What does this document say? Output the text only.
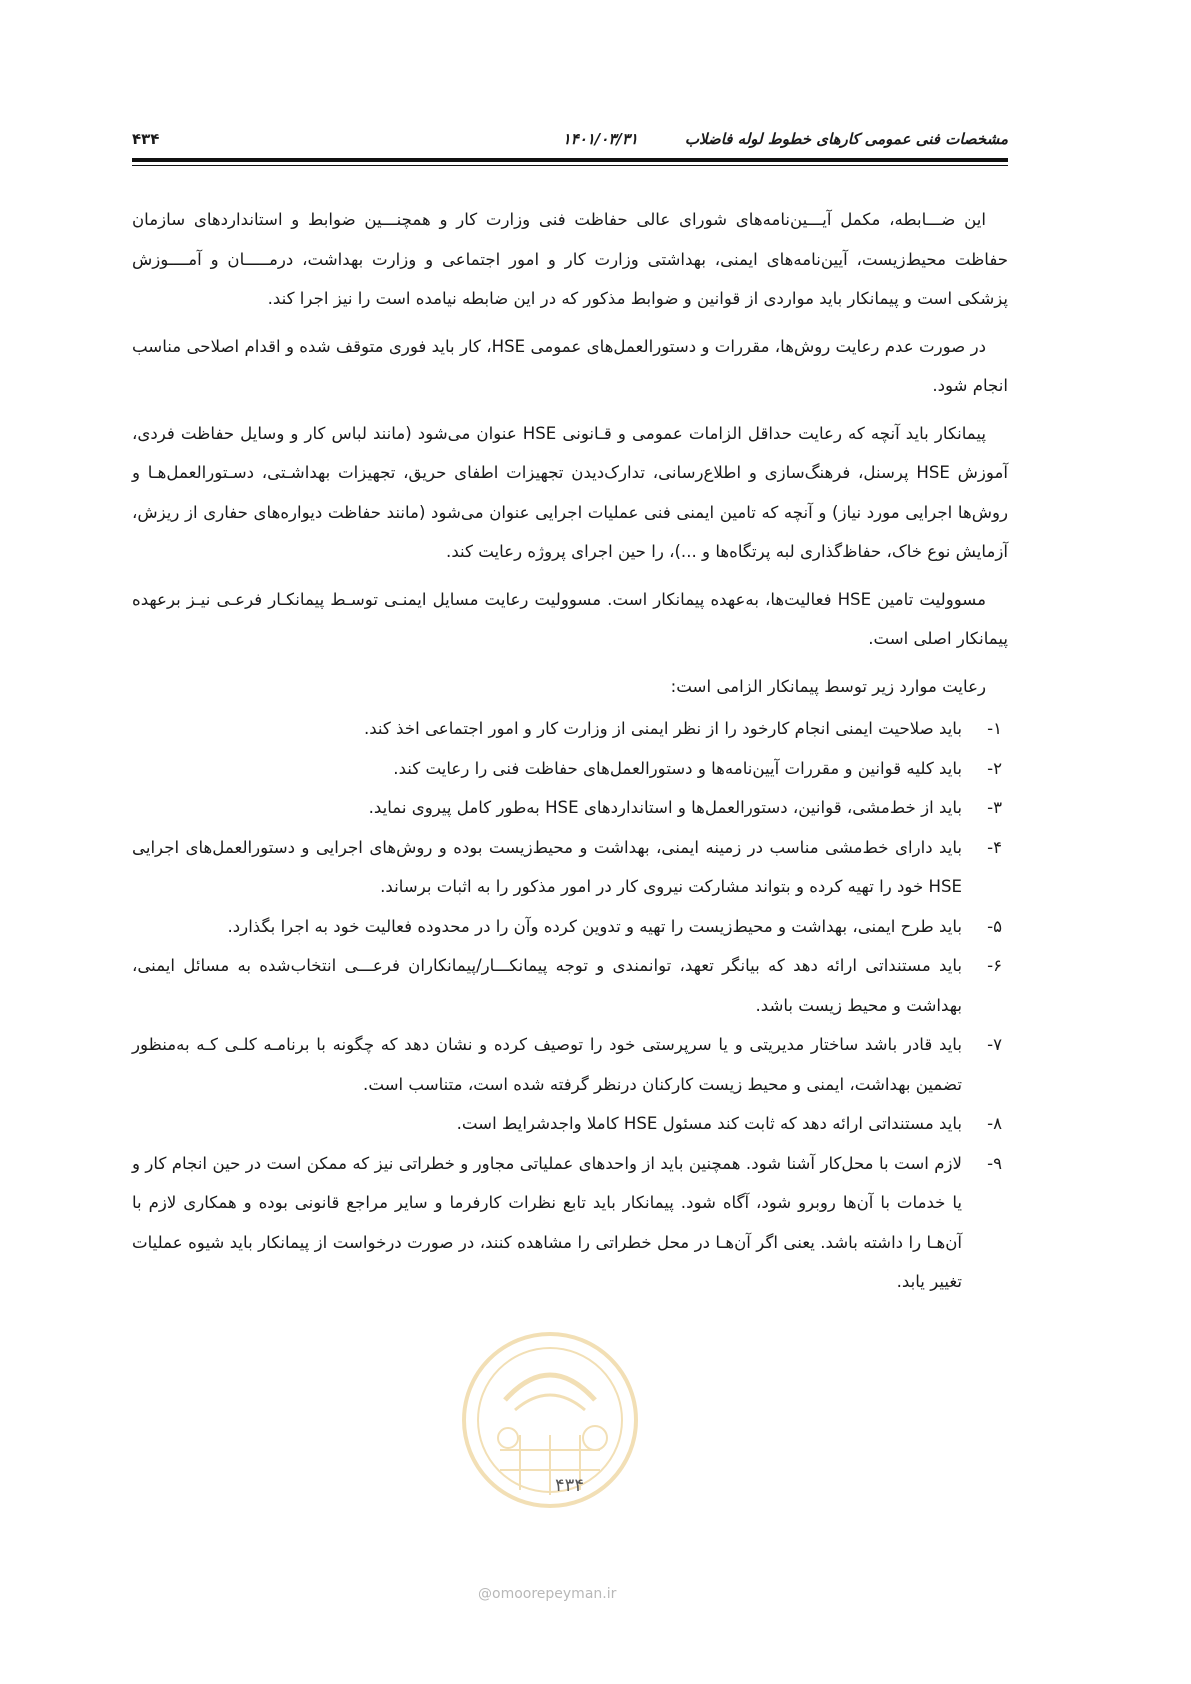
مشخصات فنی عمومی کارهای خطوط لوله فاضلاب
۱۴۰۱/۰۳/۳۱
۴۳۴

این ضـــابطه، مکمل آیـــین‌نامه‌های شورای عالی حفاظت فنی وزارت کار و همچنـــین ضوابط و استانداردهای سازمان حفاظت محیط‌زیست، آیین‌نامه‌های ایمنی، بهداشتی وزارت کار و امور اجتماعی و وزارت بهداشت، درمـــــان و آمــــوزش پزشکی است و پیمانکار باید مواردی از قوانین و ضوابط مذکور که در این ضابطه نیامده است را نیز اجرا کند.

در صورت عدم رعایت روش‌ها، مقررات و دستورالعمل‌های عمومی HSE، کار باید فوری متوقف شده و اقدام اصلاحی مناسب انجام شود.

پیمانکار باید آنچه که رعایت حداقل الزامات عمومی و قـانونی HSE عنوان می‌شود (مانند لباس کار و وسایل حفاظت فردی، آموزش HSE پرسنل، فرهنگ‌سازی و اطلاع‌رسانی، تدارک‌دیدن تجهیزات اطفای حریق، تجهیزات بهداشـتی، دسـتورالعمل‌هـا و روش‌ها اجرایی مورد نیاز) و آنچه که تامین ایمنی فنی عملیات اجرایی عنوان می‌شود (مانند حفاظت دیواره‌های حفاری از ریزش، آزمایش نوع خاک، حفاظ‌گذاری لبه پرتگاه‌ها و ...)، را حین اجرای پروژه رعایت کند.

مسوولیت تامین HSE فعالیت‌ها، به‌عهده پیمانکار است. مسوولیت رعایت مسایل ایمنـی توسـط پیمانکـار فرعـی نیـز برعهده پیمانکار اصلی است.

رعایت موارد زیر توسط پیمانکار الزامی است:

۱-
باید صلاحیت ایمنی انجام کارخود را از نظر ایمنی از وزارت کار و امور اجتماعی اخذ کند.
۲-
باید کلیه قوانین و مقررات آیین‌نامه‌ها و دستورالعمل‌های حفاظت فنی را رعایت کند.
۳-
باید از خط‌مشی، قوانین، دستورالعمل‌ها و استانداردهای HSE به‌طور کامل پیروی نماید.
۴-
باید دارای خط‌مشی مناسب در زمینه ایمنی، بهداشت و محیط‌زیست بوده و روش‌های اجرایی و دستورالعمل‌های اجرایی HSE خود را تهیه کرده و بتواند مشارکت نیروی کار در امور مذکور را به اثبات برساند.
۵-
باید طرح ایمنی، بهداشت و محیط‌زیست را تهیه و تدوین کرده وآن را در محدوده فعالیت خود به اجرا بگذارد.
۶-
باید مستنداتی ارائه دهد که بیانگر تعهد، توانمندی و توجه پیمانکـــار/پیمانکاران فرعـــی انتخاب‌شده به مسائل ایمنی، بهداشت و محیط زیست باشد.
۷-
باید قادر باشد ساختار مدیریتی و یا سرپرستی خود را توصیف کرده و نشان دهد که چگونه با برنامـه کلـی کـه به‌منظور تضمین بهداشت، ایمنی و محیط زیست کارکنان درنظر گرفته شده است، متناسب است.
۸-
باید مستنداتی ارائه دهد که ثابت کند مسئول HSE کاملا واجدشرایط است.
۹-
لازم است با محل‌کار آشنا شود. همچنین باید از واحدهای عملیاتی مجاور و خطراتی نیز که ممکن است در حین انجام کار و یا خدمات با آن‌ها روبرو شود، آگاه شود. پیمانکار باید تابع نظرات کارفرما و سایر مراجع قانونی بوده و همکاری لازم با آن‌هـا را داشته باشد. یعنی اگر آن‌هـا در محل خطراتی را مشاهده کنند، در صورت درخواست از پیمانکار باید شیوه عملیات تغییر یابد.
۴۳۴
@omoorepeyman.ir
